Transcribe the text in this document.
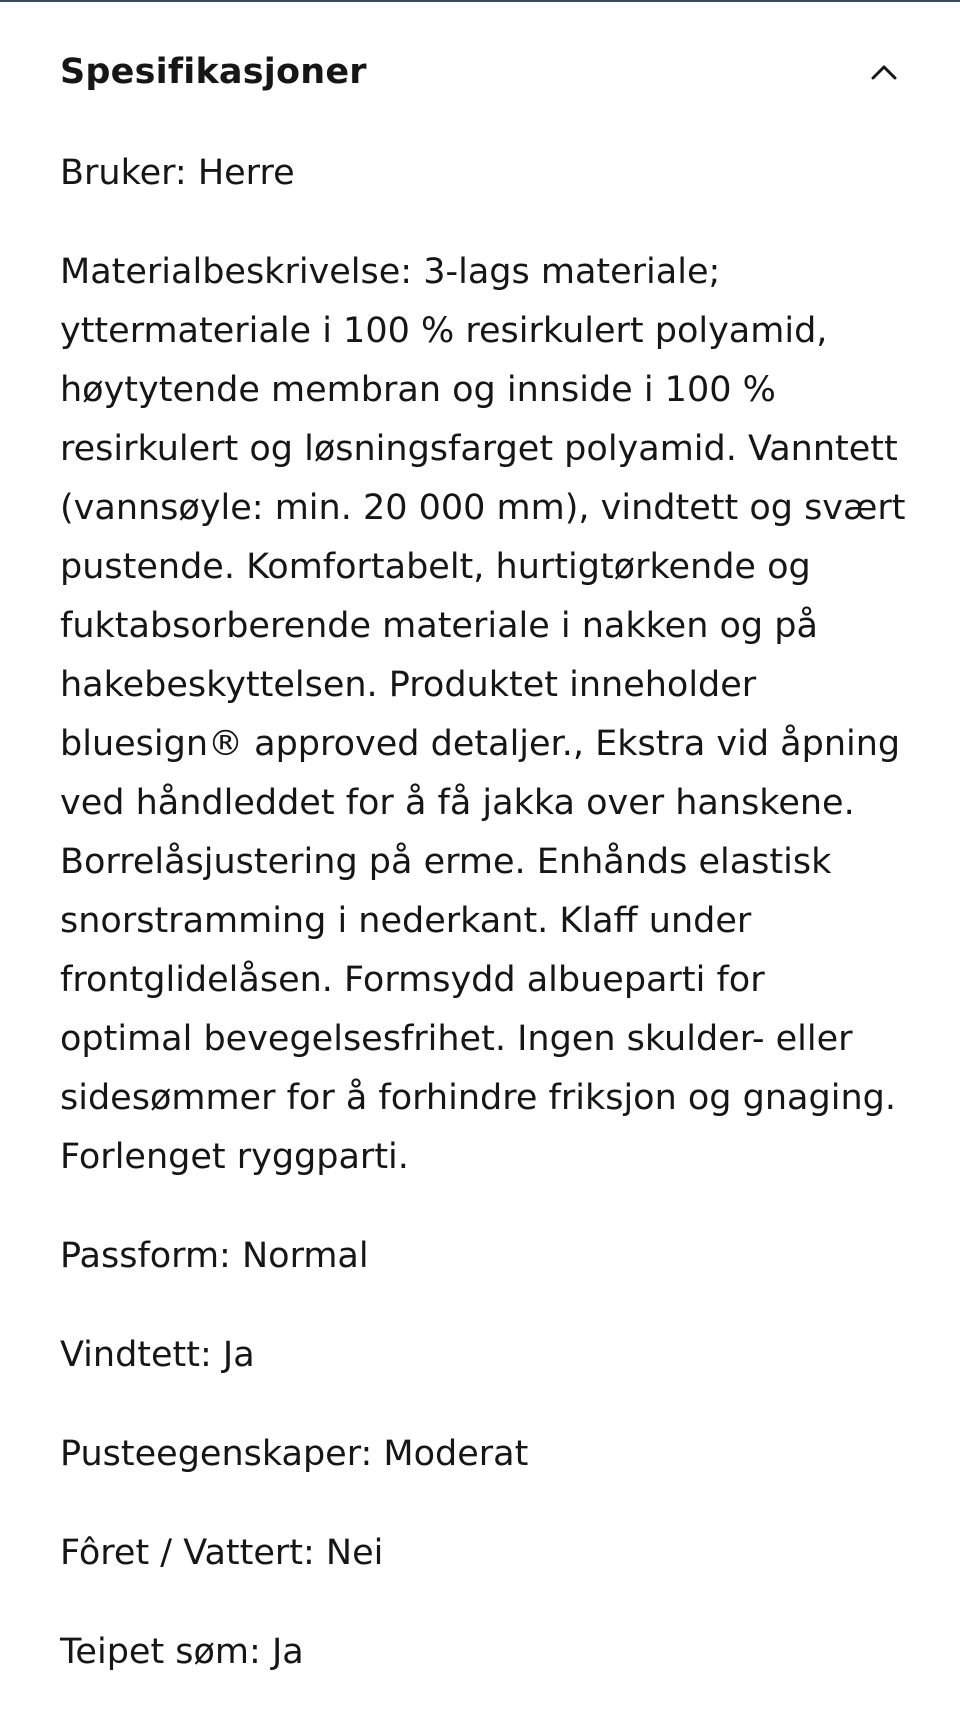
Spesifikasjoner
Bruker: Herre
Materialbeskrivelse: 3-lags materiale; yttermateriale i 100 % resirkulert polyamid, høytytende membran og innside i 100 % resirkulert og løsningsfarget polyamid. Vanntett (vannsøyle: min. 20 000 mm), vindtett og svært pustende. Komfortabelt, hurtigtørkende og fuktabsorberende materiale i nakken og på hakebeskyttelsen. Produktet inneholder bluesign® approved detaljer., Ekstra vid åpning ved håndleddet for å få jakka over hanskene. Borrelåsjustering på erme. Enhånds elastisk snorstramming i nederkant. Klaff under frontglidelåsen. Formsydd albueparti for optimal bevegelsesfrihet. Ingen skulder- eller sidesømmer for å forhindre friksjon og gnaging. Forlenget ryggparti.
Passform: Normal
Vindtett: Ja
Pusteegenskaper: Moderat
Fôret / Vattert: Nei
Teipet søm: Ja
